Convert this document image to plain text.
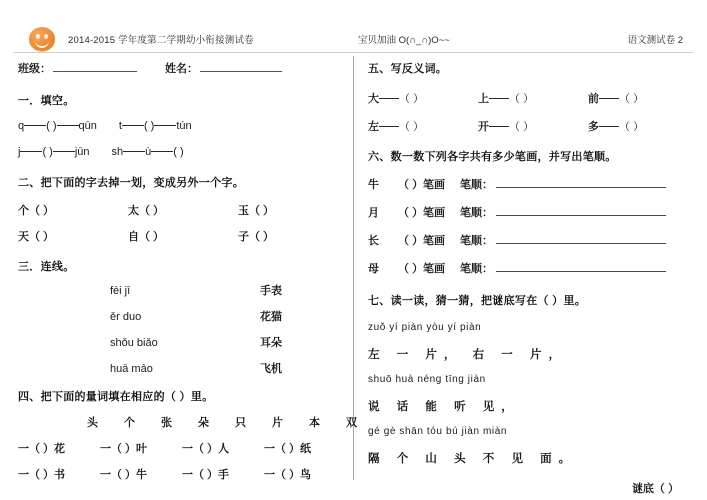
2014-2015 学年度第二学期幼小衔接测试卷	宝贝加油 O(∩_∩)O~~	语文测试卷 2
班级：	姓名：
一．填空。
q ( ) qūn t ( ) tún
j ( ) jūn sh ù ( )
二、把下面的字去掉一划，变成另外一个字。
个（ ）	太（ ）	玉（ ）
天（ ）	自（ ）	子（ ）
三．连线。
fēi jī	手表
ěr duo	花猫
shǒu biǎo	耳朵
huā māo	飞机
四、把下面的量词填在相应的（ ）里。
头 个 张 朵 只 片 本 双
一（ ）花	一（ ）叶	一（ ）人	一（ ）纸
一（ ）书	一（ ）牛	一（ ）手	一（ ）鸟
五、写反义词。
大 （ ）	上 （ ）	前 （ ）
左 （ ）	开 （ ）	多 （ ）
六、数一数下列各字共有多少笔画，并写出笔顺。
牛 （ ）笔画 笔顺：
月 （ ）笔画 笔顺：
长 （ ）笔画 笔顺：
母 （ ）笔画 笔顺：
七、读一读，猜一猜，把谜底写在（ ）里。
zuǒ yí piàn yòu yí piàn
左 一 片， 右 一 片，
shuō huà néng tīng jiàn
说 话 能 听 见，
gé gè shān tóu bú jiàn miàn
隔 个 山 头 不 见 面。
谜底（ ）
